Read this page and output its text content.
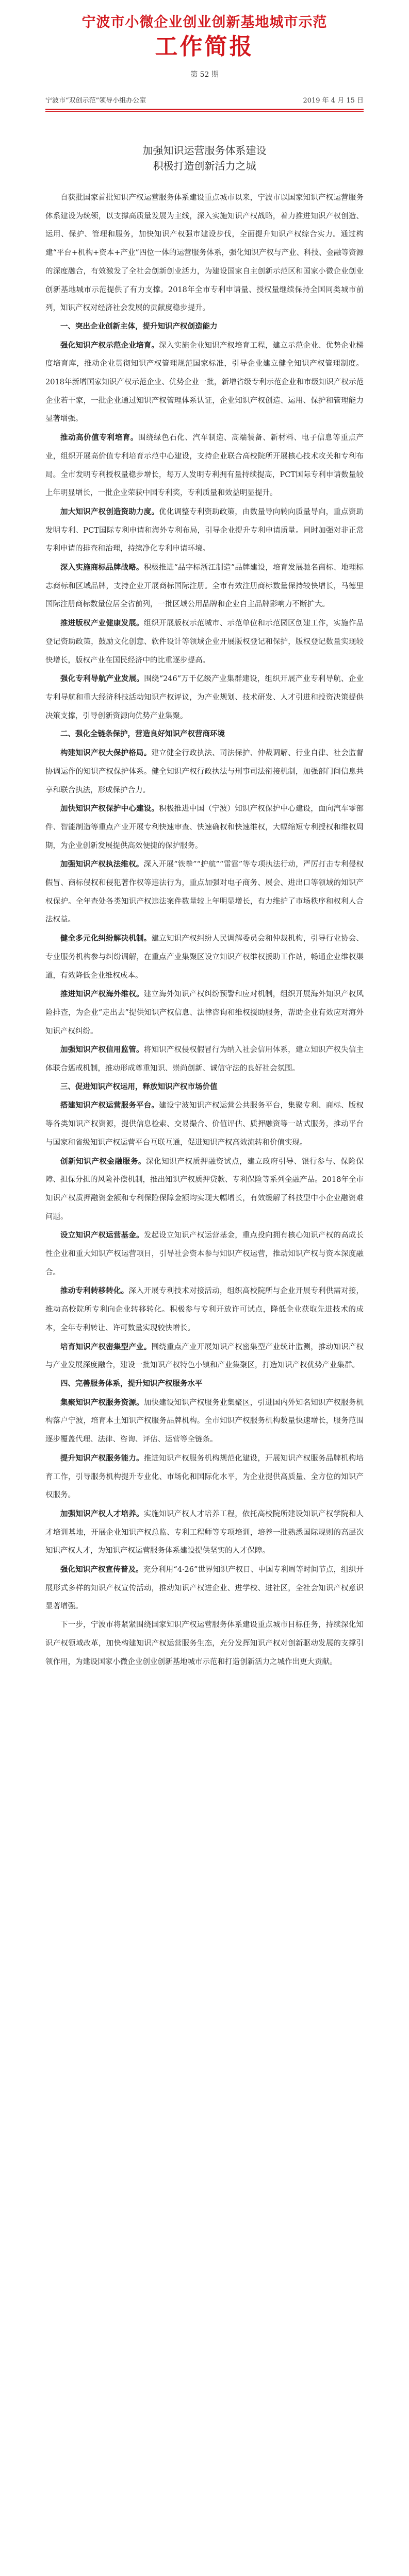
宁波市小微企业创业创新基地城市示范
工作简报
第 52 期
宁波市“双创示范”领导小组办公室	2019 年 4 月 15 日
加强知识运营服务体系建设
积极打造创新活力之城

自获批国家首批知识产权运营服务体系建设重点城市以来，宁波市以国家知识产权运营服务体系建设为统领，以支撑高质量发展为主线，深入实施知识产权战略，着力推进知识产权创造、运用、保护、管理和服务，加快知识产权强市建设步伐，全面提升知识产权综合实力。通过构建“平台+机构+资本+产业”四位一体的运营服务体系，强化知识产权与产业、科技、金融等资源的深度融合，有效激发了全社会创新创业活力，为建设国家自主创新示范区和国家小微企业创业创新基地城市示范提供了有力支撑。2018年全市专利申请量、授权量继续保持全国同类城市前列，知识产权对经济社会发展的贡献度稳步提升。

一、突出企业创新主体，提升知识产权创造能力

强化知识产权示范企业培育。深入实施企业知识产权培育工程，建立示范企业、优势企业梯度培育库，推动企业贯彻知识产权管理规范国家标准，引导企业建立健全知识产权管理制度。2018年新增国家知识产权示范企业、优势企业一批，新增省级专利示范企业和市级知识产权示范企业若干家，一批企业通过知识产权管理体系认证，企业知识产权创造、运用、保护和管理能力显著增强。

推动高价值专利培育。围绕绿色石化、汽车制造、高端装备、新材料、电子信息等重点产业，组织开展高价值专利培育示范中心建设，支持企业联合高校院所开展核心技术攻关和专利布局。全市发明专利授权量稳步增长，每万人发明专利拥有量持续提高，PCT国际专利申请数量较上年明显增长，一批企业荣获中国专利奖，专利质量和效益明显提升。

加大知识产权创造资助力度。优化调整专利资助政策，由数量导向转向质量导向，重点资助发明专利、PCT国际专利申请和海外专利布局，引导企业提升专利申请质量。同时加强对非正常专利申请的排查和治理，持续净化专利申请环境。

深入实施商标品牌战略。积极推进“品字标浙江制造”品牌建设，培育发展驰名商标、地理标志商标和区域品牌，支持企业开展商标国际注册。全市有效注册商标数量保持较快增长，马德里国际注册商标数量位居全省前列，一批区域公用品牌和企业自主品牌影响力不断扩大。

推进版权产业健康发展。组织开展版权示范城市、示范单位和示范园区创建工作，实施作品登记资助政策，鼓励文化创意、软件设计等领域企业开展版权登记和保护，版权登记数量实现较快增长，版权产业在国民经济中的比重逐步提高。

强化专利导航产业发展。围绕“246”万千亿级产业集群建设，组织开展产业专利导航、企业专利导航和重大经济科技活动知识产权评议，为产业规划、技术研发、人才引进和投资决策提供决策支撑，引导创新资源向优势产业集聚。

二、强化全链条保护，营造良好知识产权营商环境

构建知识产权大保护格局。建立健全行政执法、司法保护、仲裁调解、行业自律、社会监督协调运作的知识产权保护体系。健全知识产权行政执法与刑事司法衔接机制，加强部门间信息共享和联合执法，形成保护合力。

加快知识产权保护中心建设。积极推进中国（宁波）知识产权保护中心建设，面向汽车零部件、智能制造等重点产业开展专利快速审查、快速确权和快速维权，大幅缩短专利授权和维权周期，为企业创新发展提供高效便捷的保护服务。

加强知识产权执法维权。深入开展“铁拳”“护航”“雷霆”等专项执法行动，严厉打击专利侵权假冒、商标侵权和侵犯著作权等违法行为，重点加强对电子商务、展会、进出口等领域的知识产权保护。全年查处各类知识产权违法案件数量较上年明显增长，有力维护了市场秩序和权利人合法权益。

健全多元化纠纷解决机制。建立知识产权纠纷人民调解委员会和仲裁机构，引导行业协会、专业服务机构参与纠纷调解，在重点产业集聚区设立知识产权维权援助工作站，畅通企业维权渠道，有效降低企业维权成本。

推进知识产权海外维权。建立海外知识产权纠纷预警和应对机制，组织开展海外知识产权风险排查，为企业“走出去”提供知识产权信息、法律咨询和维权援助服务，帮助企业有效应对海外知识产权纠纷。

加强知识产权信用监管。将知识产权侵权假冒行为纳入社会信用体系，建立知识产权失信主体联合惩戒机制，推动形成尊重知识、崇尚创新、诚信守法的良好社会氛围。

三、促进知识产权运用，释放知识产权市场价值

搭建知识产权运营服务平台。建设宁波知识产权运营公共服务平台，集聚专利、商标、版权等各类知识产权资源，提供信息检索、交易撮合、价值评估、质押融资等一站式服务，推动平台与国家和省级知识产权运营平台互联互通，促进知识产权高效流转和价值实现。

创新知识产权金融服务。深化知识产权质押融资试点，建立政府引导、银行参与、保险保障、担保分担的风险补偿机制，推出知识产权质押贷款、专利保险等系列金融产品。2018年全市知识产权质押融资金额和专利保险保障金额均实现大幅增长，有效缓解了科技型中小企业融资难问题。

设立知识产权运营基金。发起设立知识产权运营基金，重点投向拥有核心知识产权的高成长性企业和重大知识产权运营项目，引导社会资本参与知识产权运营，推动知识产权与资本深度融合。

推动专利转移转化。深入开展专利技术对接活动，组织高校院所与企业开展专利供需对接，推动高校院所专利向企业转移转化。积极参与专利开放许可试点，降低企业获取先进技术的成本，全年专利转让、许可数量实现较快增长。

培育知识产权密集型产业。围绕重点产业开展知识产权密集型产业统计监测，推动知识产权与产业发展深度融合，建设一批知识产权特色小镇和产业集聚区，打造知识产权优势产业集群。

四、完善服务体系，提升知识产权服务水平

集聚知识产权服务资源。加快建设知识产权服务业集聚区，引进国内外知名知识产权服务机构落户宁波，培育本土知识产权服务品牌机构。全市知识产权服务机构数量快速增长，服务范围逐步覆盖代理、法律、咨询、评估、运营等全链条。

提升知识产权服务能力。推进知识产权服务机构规范化建设，开展知识产权服务品牌机构培育工作，引导服务机构提升专业化、市场化和国际化水平，为企业提供高质量、全方位的知识产权服务。

加强知识产权人才培养。实施知识产权人才培养工程，依托高校院所建设知识产权学院和人才培训基地，开展企业知识产权总监、专利工程师等专项培训，培养一批熟悉国际规则的高层次知识产权人才，为知识产权运营服务体系建设提供坚实的人才保障。

强化知识产权宣传普及。充分利用“4·26”世界知识产权日、中国专利周等时间节点，组织开展形式多样的知识产权宣传活动，推动知识产权进企业、进学校、进社区，全社会知识产权意识显著增强。

下一步，宁波市将紧紧围绕国家知识产权运营服务体系建设重点城市目标任务，持续深化知识产权领域改革，加快构建知识产权运营服务生态，充分发挥知识产权对创新驱动发展的支撑引领作用，为建设国家小微企业创业创新基地城市示范和打造创新活力之城作出更大贡献。
